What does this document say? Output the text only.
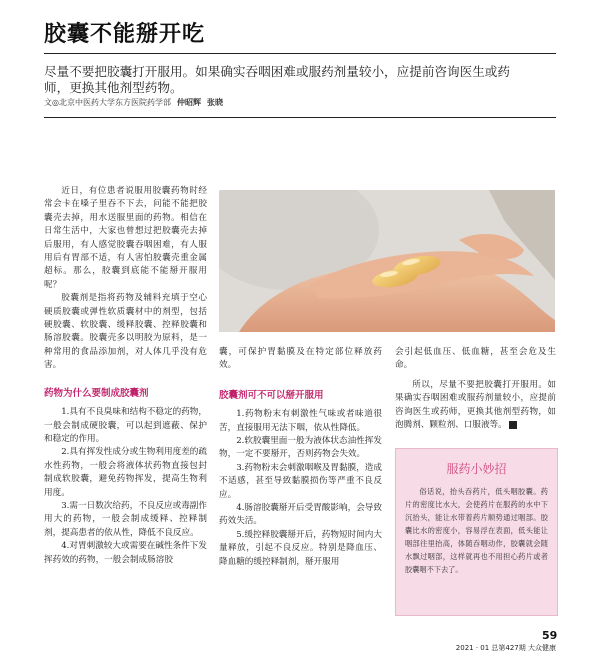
胶囊不能掰开吃
尽量不要把胶囊打开服用。如果确实吞咽困难或服药剂量较小，应提前咨询医生或药师，更换其他剂型药物。
文◎北京中医药大学东方医院药学部 仲昭辉 张晓

近日，有位患者说服用胶囊药物时经常会卡在嗓子里吞不下去，问能不能把胶囊壳去掉，用水送服里面的药物。相信在日常生活中，大家也曾想过把胶囊壳去掉后服用，有人感觉胶囊吞咽困难，有人服用后有胃部不适，有人害怕胶囊壳重金属超标。那么，胶囊到底能不能掰开服用呢？

胶囊剂是指将药物及辅料充填于空心硬质胶囊或弹性软质囊材中的剂型，包括硬胶囊、软胶囊、缓释胶囊、控释胶囊和肠溶胶囊。胶囊壳多以明胶为原料，是一种常用的食品添加剂，对人体几乎没有危害。

药物为什么要制成胶囊剂

1.具有不良臭味和结构不稳定的药物，一般会制成硬胶囊，可以起到遮蔽、保护和稳定的作用。

2.具有挥发性成分或生物利用度差的疏水性药物，一般会将液体状药物直接包封制成软胶囊，避免药物挥发，提高生物利用度。

3.需一日数次给药，不良反应或毒副作用大的药物，一般会制成缓释、控释制剂，提高患者的依从性，降低不良反应。

4.对胃刺激较大或需要在碱性条件下发挥药效的药物，一般会制成肠溶胶

囊，可保护胃黏膜及在特定部位释放药效。

胶囊剂可不可以掰开服用

1.药物粉末有刺激性气味或者味道很苦，直接服用无法下咽，依从性降低。

2.软胶囊里面一般为液体状态油性挥发物，一定不要掰开，否则药物会失效。

3.药物粉末会刺激咽喉及胃黏膜，造成不适感，甚至导致黏膜损伤等严重不良反应。

4.肠溶胶囊掰开后受胃酸影响，会导致药效失活。

5.缓控释胶囊掰开后，药物短时间内大量释放，引起不良反应。特别是降血压、降血糖的缓控释制剂，掰开服用

会引起低血压、低血糖，甚至会危及生命。

所以，尽量不要把胶囊打开服用。如果确实吞咽困难或服药剂量较小，应提前咨询医生或药师，更换其他剂型药物，如泡腾剂、颗粒剂、口服液等。

服药小妙招
俗话说，抬头吞药片，低头咽胶囊。药片的密度比水大，会使药片在服药的水中下沉抬头，能让水带着药片顺势通过咽部。胶囊比水的密度小，容易浮在表面，低头能让咽部往里抬高，体随吞咽动作，胶囊就会随水飘过咽部，这样就再也不用担心药片或者胶囊咽不下去了。
59
2021 · 01 总第427期 大众健康
